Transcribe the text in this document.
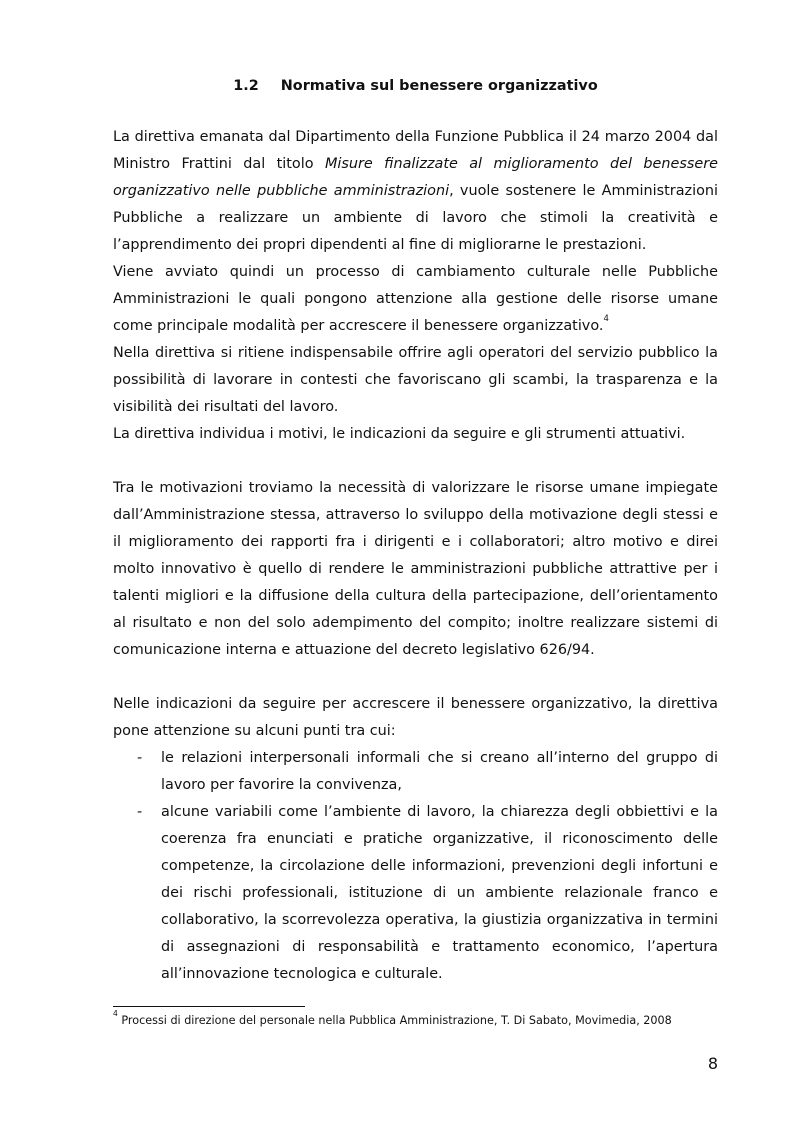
1.2 Normativa sul benessere organizzativo

La direttiva emanata dal Dipartimento della Funzione Pubblica il 24 marzo 2004 dal Ministro Frattini dal titolo Misure finalizzate al miglioramento del benessere organizzativo nelle pubbliche amministrazioni, vuole sostenere le Amministrazioni Pubbliche a realizzare un ambiente di lavoro che stimoli la creatività e l’apprendimento dei propri dipendenti al fine di migliorarne le prestazioni.

Viene avviato quindi un processo di cambiamento culturale nelle Pubbliche Amministrazioni le quali pongono attenzione alla gestione delle risorse umane come principale modalità per accrescere il benessere organizzativo.$^4$

Nella direttiva si ritiene indispensabile offrire agli operatori del servizio pubblico la possibilità di lavorare in contesti che favoriscano gli scambi, la trasparenza e la visibilità dei risultati del lavoro.

La direttiva individua i motivi, le indicazioni da seguire e gli strumenti attuativi.

Tra le motivazioni troviamo la necessità di valorizzare le risorse umane impiegate dall’Amministrazione stessa, attraverso lo sviluppo della motivazione degli stessi e il miglioramento dei rapporti fra i dirigenti e i collaboratori; altro motivo e direi molto innovativo è quello di rendere le amministrazioni pubbliche attrattive per i talenti migliori e la diffusione della cultura della partecipazione, dell’orientamento al risultato e non del solo adempimento del compito; inoltre realizzare sistemi di comunicazione interna e attuazione del decreto legislativo 626/94.

Nelle indicazioni da seguire per accrescere il benessere organizzativo, la direttiva pone attenzione su alcuni punti tra cui:

- le relazioni interpersonali informali che si creano all’interno del gruppo di lavoro per favorire la convivenza,
- alcune variabili come l’ambiente di lavoro, la chiarezza degli obbiettivi e la coerenza fra enunciati e pratiche organizzative, il riconoscimento delle competenze, la circolazione delle informazioni, prevenzioni degli infortuni e dei rischi professionali, istituzione di un ambiente relazionale franco e collaborativo, la scorrevolezza operativa, la giustizia organizzativa in termini di assegnazioni di responsabilità e trattamento economico, l’apertura all’innovazione tecnologica e culturale.

$^4$ Processi di direzione del personale nella Pubblica Amministrazione, T. Di Sabato, Movimedia, 2008

8
